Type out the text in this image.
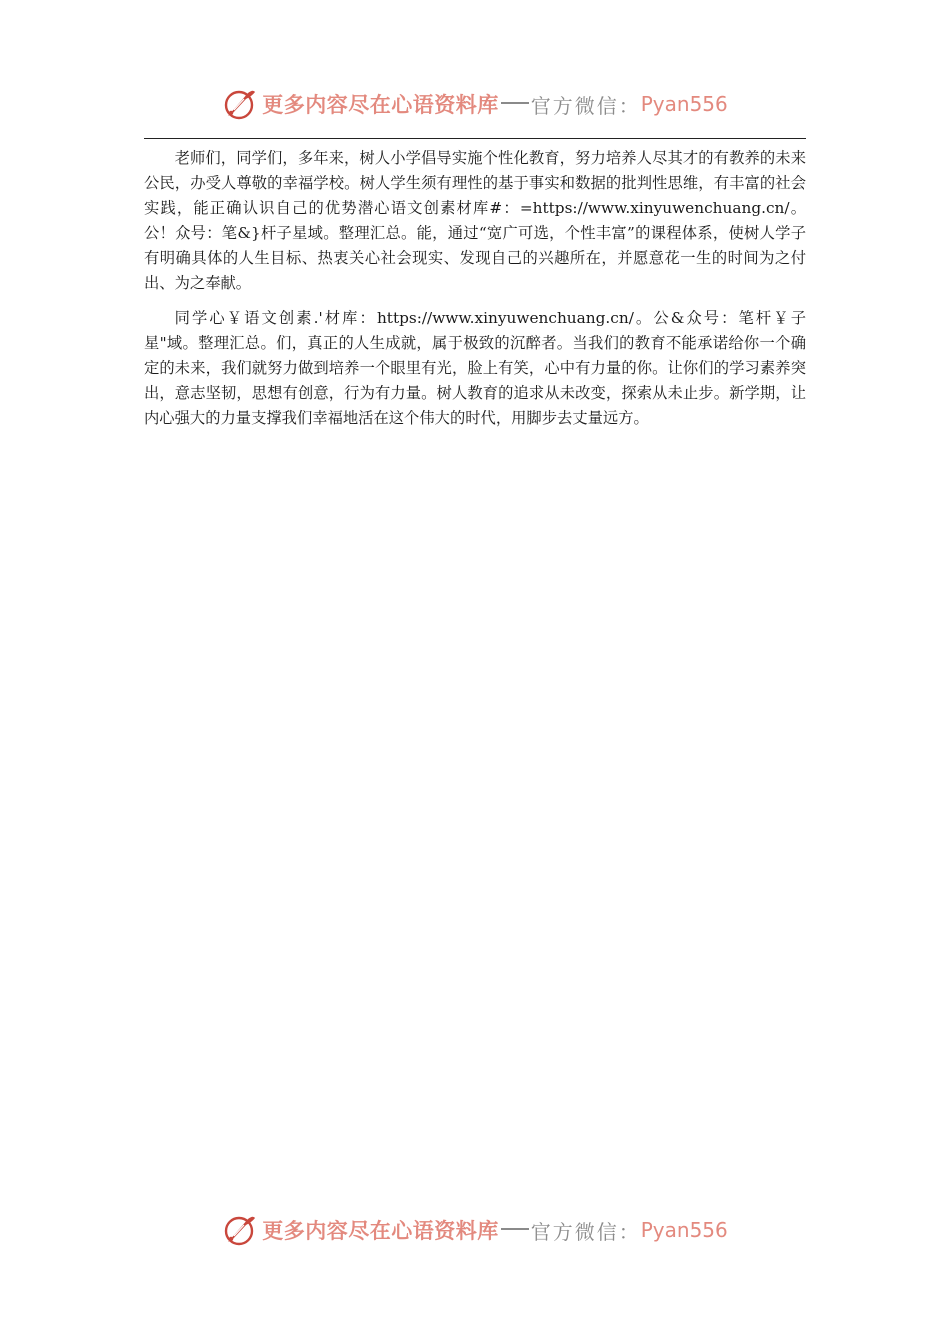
更多内容尽在心语资料库 官方微信： Pyan556

老师们，同学们，多年来，树人小学倡导实施个性化教育，努力培养人尽其才的有教养的未来公民，办受人尊敬的幸福学校。树人学生须有理性的基于事实和数据的批判性思维，有丰富的社会实践，能正确认识自己的优势潜心语文创素材库#：=https://www.xinyuwenchuang.cn/。公！众号：笔&}杆子星域。整理汇总。能，通过“宽广可选，个性丰富”的课程体系，使树人学子有明确具体的人生目标、热衷关心社会现实、发现自己的兴趣所在，并愿意花一生的时间为之付出、为之奉献。

同学心￥语文创素.'材库：https://www.xinyuwenchuang.cn/。公&众号：笔杆￥子星"域。整理汇总。们，真正的人生成就，属于极致的沉醉者。当我们的教育不能承诺给你一个确定的未来，我们就努力做到培养一个眼里有光，脸上有笑，心中有力量的你。让你们的学习素养突出，意志坚韧，思想有创意，行为有力量。树人教育的追求从未改变，探索从未止步。新学期，让内心强大的力量支撑我们幸福地活在这个伟大的时代，用脚步去丈量远方。

更多内容尽在心语资料库 官方微信： Pyan556
